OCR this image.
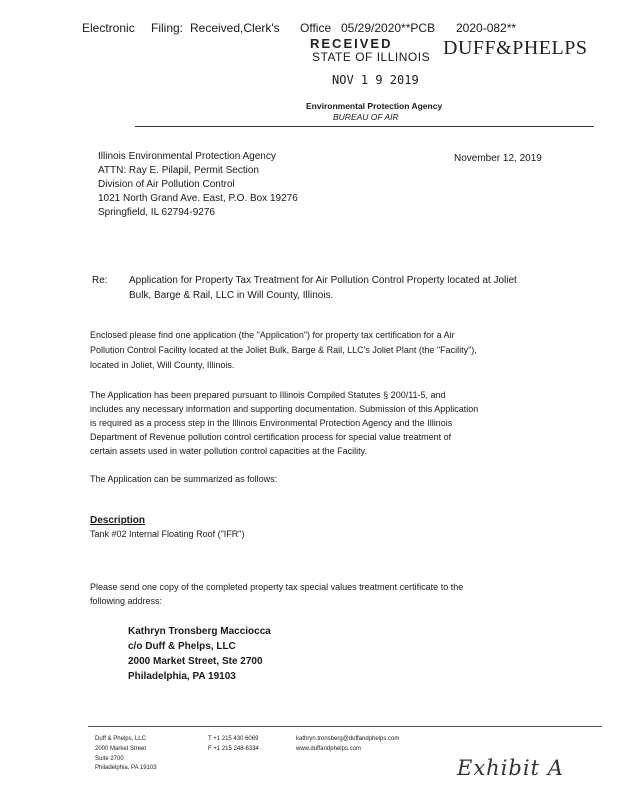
Electronic Filing: Received,Clerk's Office 05/29/2020**PCB 2020-082**
RECEIVED
STATE OF ILLINOIS
NOV 1 9 2019
Environmental Protection Agency
BUREAU OF AIR
DUFF&PHELPS
Illinois Environmental Protection Agency
ATTN: Ray E. Pilapil, Permit Section
Division of Air Pollution Control
1021 North Grand Ave. East, P.O. Box 19276
Springfield, IL 62794-9276
November 12, 2019
Re: Application for Property Tax Treatment for Air Pollution Control Property located at Joliet
Bulk, Barge & Rail, LLC in Will County, Illinois.
Enclosed please find one application (the "Application") for property tax certification for a Air
Pollution Control Facility located at the Joliet Bulk, Barge & Rail, LLC's Joliet Plant (the "Facility"),
located in Joliet, Will County, Illinois.
The Application has been prepared pursuant to Illinois Compiled Statutes § 200/11-5, and
includes any necessary information and supporting documentation. Submission of this Application
is required as a process step in the Illinois Environmental Protection Agency and the Illinois
Department of Revenue pollution control certification process for special value treatment of
certain assets used in water pollution control capacities at the Facility.
The Application can be summarized as follows:
Description
Tank #02 Internal Floating Roof ("IFR")
Please send one copy of the completed property tax special values treatment certificate to the
following address:
Kathryn Tronsberg Macciocca
c/o Duff & Phelps, LLC
2000 Market Street, Ste 2700
Philadelphia, PA 19103
Duff & Phelps, LLC
2000 Market Street
Suite 2700
Philadelphia, PA 19103
T +1 215 430 6069
F +1 215 248-6334
kathryn.tronsberg@duffandphelps.com
www.duffandphelps.com
Exhibit A
